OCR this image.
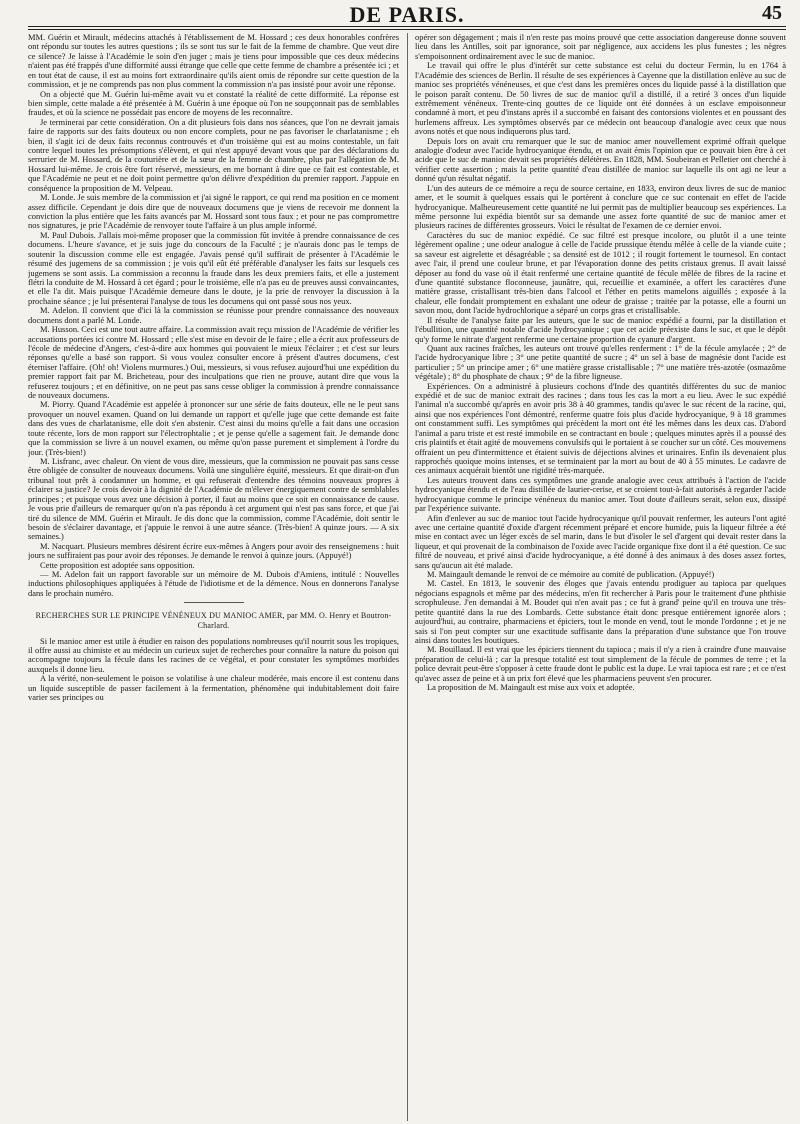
DE PARIS.	45

MM. Guérin et Mirault, médecins attachés à l'établissement de M. Hossard ; ces deux honorables confrères ont répondu sur toutes les autres questions ; ils se sont tus sur le fait de la femme de chambre. Que veut dire ce silence? Je laisse à l'Académie le soin d'en juger ; mais je tiens pour impossible que ces deux médecins n'aient pas été frappés d'une difformité aussi étrange que celle que cette femme de chambre a présentée ici ; et en tout état de cause, il est au moins fort extraordinaire qu'ils aient omis de répondre sur cette question de la commission, et je ne comprends pas non plus comment la commission n'a pas insisté pour avoir une réponse.

On a objecté que M. Guérin lui-même avait vu et constaté la réalité de cette difformité. La réponse est bien simple, cette malade a été présentée à M. Guérin à une époque où l'on ne soupçonnait pas de semblables fraudes, et où la science ne possédait pas encore de moyens de les reconnaître.

Je terminerai par cette considération. On a dit plusieurs fois dans nos séances, que l'on ne devrait jamais faire de rapports sur des faits douteux ou non encore complets, pour ne pas favoriser le charlatanisme ; eh bien, il s'agit ici de deux faits reconnus controuvés et d'un troisième qui est au moins contestable, un fait contre lequel toutes les présomptions s'élèvent, et qui n'est appuyé devant vous que par des déclarations du serrurier de M. Hossard, de la couturière et de la sœur de la femme de chambre, plus par l'allégation de M. Hossard lui-même. Je crois être fort réservé, messieurs, en me bornant à dire que ce fait est contestable, et que l'Académie ne peut et ne doit point permettre qu'on délivre d'expédition du premier rapport. J'appuie en conséquence la proposition de M. Velpeau.

M. Londe. Je suis membre de la commission et j'ai signé le rapport, ce qui rend ma position en ce moment assez difficile. Cependant je dois dire que de nouveaux documens que je viens de recevoir me donnent la conviction la plus entière que les faits avancés par M. Hossard sont tous faux ; et pour ne pas compromettre nos signatures, je prie l'Académie de renvoyer toute l'affaire à un plus ample informé.

M. Paul Dubois. J'allais moi-même proposer que la commission fût invitée à prendre connaissance de ces documens. L'heure s'avance, et je suis juge du concours de la Faculté ; je n'aurais donc pas le temps de soutenir la discussion comme elle est engagée. J'avais pensé qu'il suffirait de présenter à l'Académie le résumé des jugemens de sa commission ; je vois qu'il eût été préférable d'analyser les faits sur lesquels ces jugemens se sont assis. La commission a reconnu la fraude dans les deux premiers faits, et elle a justement flétri la conduite de M. Hossard à cet égard ; pour le troisième, elle n'a pas eu de preuves aussi convaincantes, et elle l'a dit. Mais puisque l'Académie demeure dans le doute, je la prie de renvoyer la discussion à la prochaine séance ; je lui présenterai l'analyse de tous les documens qui ont passé sous nos yeux.

M. Adelon. Il convient que d'ici là la commission se réunisse pour prendre connaissance des nouveaux documens dont a parlé M. Londe.

M. Husson. Ceci est une tout autre affaire. La commission avait reçu mission de l'Académie de vérifier les accusations portées ici contre M. Hossard ; elle s'est mise en devoir de le faire ; elle a écrit aux professeurs de l'école de médecine d'Angers, c'est-à-dire aux hommes qui pouvaient le mieux l'éclairer ; et c'est sur leurs réponses qu'elle a basé son rapport. Si vous voulez consulter encore à présent d'autres documens, c'est éterniser l'affaire. (Oh! oh! Violens murmures.) Oui, messieurs, si vous refusez aujourd'hui une expédition du premier rapport fait par M. Bricheteau, pour des inculpations que rien ne prouve, autant dire que vous la refuserez toujours ; et en définitive, on ne peut pas sans cesse obliger la commission à prendre connaissance de nouveaux documens.

M. Piorry. Quand l'Académie est appelée à prononcer sur une série de faits douteux, elle ne le peut sans provoquer un nouvel examen. Quand on lui demande un rapport et qu'elle juge que cette demande est faite dans des vues de charlatanisme, elle doit s'en abstenir. C'est ainsi du moins qu'elle a fait dans une occasion toute récente, lors de mon rapport sur l'électrophtalie ; et je pense qu'elle a sagement fait. Je demande donc que la commission se livre à un nouvel examen, ou même qu'on passe purement et simplement à l'ordre du jour. (Très-bien!)

M. Lisfranc, avec chaleur. On vient de vous dire, messieurs, que la commission ne pouvait pas sans cesse être obligée de consulter de nouveaux documens. Voilà une singulière équité, messieurs. Et que dirait-on d'un tribunal tout prêt à condamner un homme, et qui refuserait d'entendre des témoins nouveaux propres à éclairer sa justice? Je crois devoir à la dignité de l'Académie de m'élever énergiquement contre de semblables principes ; et puisque vous avez une décision à porter, il faut au moins que ce soit en connaissance de cause. Je vous prie d'ailleurs de remarquer qu'on n'a pas répondu à cet argument qui n'est pas sans force, et que j'ai tiré du silence de MM. Guérin et Mirault. Je dis donc que la commission, comme l'Académie, doit sentir le besoin de s'éclairer davantage, et j'appuie le renvoi à une autre séance. (Très-bien! A quinze jours. — A six semaines.)

M. Nacquart. Plusieurs membres désirent écrire eux-mêmes à Angers pour avoir des renseignemens : huit jours ne suffiraient pas pour avoir des réponses. Je demande le renvoi à quinze jours. (Appuyé!)

Cette proposition est adoptée sans opposition.

— M. Adelon fait un rapport favorable sur un mémoire de M. Dubois d'Amiens, intitulé : Nouvelles inductions philosophiques appliquées à l'étude de l'idiotisme et de la démence. Nous en donnerons l'analyse dans le prochain numéro.

RECHERCHES SUR LE PRINCIPE VÉNÉNEUX DU MANIOC AMER, par MM. O. Henry et Boutron-Charlard.

Si le manioc amer est utile à étudier en raison des populations nombreuses qu'il nourrit sous les tropiques, il offre aussi au chimiste et au médecin un curieux sujet de recherches pour connaître la nature du poison qui accompagne toujours la fécule dans les racines de ce végétal, et pour constater les symptômes morbides auxquels il donne lieu.

A la vérité, non-seulement le poison se volatilise à une chaleur modérée, mais encore il est contenu dans un liquide susceptible de passer facilement à la fermentation, phénomène qui indubitablement doit faire varier ses principes ou

opérer son dégagement ; mais il n'en reste pas moins prouvé que cette association dangereuse donne souvent lieu dans les Antilles, soit par ignorance, soit par négligence, aux accidens les plus funestes ; les nègres s'empoisonnent ordinairement avec le suc de manioc.

Le travail qui offre le plus d'intérêt sur cette substance est celui du docteur Fermin, lu en 1764 à l'Académie des sciences de Berlin. Il résulte de ses expériences à Cayenne que la distillation enlève au suc de manioc ses propriétés vénéneuses, et que c'est dans les premières onces du liquide passé à la distillation que le poison paraît contenu. De 50 livres de suc de manioc qu'il a distillé, il a retiré 3 onces d'un liquide extrêmement vénéneux. Trente-cinq gouttes de ce liquide ont été données à un esclave empoisonneur condamné à mort, et peu d'instans après il a succombé en faisant des contorsions violentes et en poussant des hurlemens affreux. Les symptômes observés par ce médecin ont beaucoup d'analogie avec ceux que nous avons notés et que nous indiquerons plus tard.

Depuis lors on avait cru remarquer que le suc de manioc amer nouvellement exprimé offrait quelque analogie d'odeur avec l'acide hydrocyanique étendu, et on avait émis l'opinion que ce pouvait bien être à cet acide que le suc de manioc devait ses propriétés délétères. En 1828, MM. Soubeiran et Pelletier ont cherché à vérifier cette assertion ; mais la petite quantité d'eau distillée de manioc sur laquelle ils ont agi ne leur a donné qu'un résultat négatif.

L'un des auteurs de ce mémoire a reçu de source certaine, en 1833, environ deux livres de suc de manioc amer, et le soumit à quelques essais qui le portèrent à conclure que ce suc contenait en effet de l'acide hydrocyanique. Malheureusement cette quantité ne lui permit pas de multiplier beaucoup ses expériences. La même personne lui expédia bientôt sur sa demande une assez forte quantité de suc de manioc amer et plusieurs racines de différentes grosseurs. Voici le résultat de l'examen de ce dernier envoi.

Caractères du suc de manioc expédié. Ce suc filtré est presque incolore, ou plutôt il a une teinte légèrement opaline ; une odeur analogue à celle de l'acide prussique étendu mêlée à celle de la viande cuite ; sa saveur est aigrelette et désagréable ; sa densité est de 1012 ; il rougit fortement le tournesol. En contact avec l'air, il prend une couleur brune, et par l'évaporation donne des petits cristaux grenus. Il avait laissé déposer au fond du vase où il était renfermé une certaine quantité de fécule mêlée de fibres de la racine et d'une quantité substance floconneuse, jaunâtre, qui, recueillie et examinée, a offert les caractères d'une matière grasse, cristallisant très-bien dans l'alcool et l'éther en petits mamelons aiguillés ; exposée à la chaleur, elle fondait promptement en exhalant une odeur de graisse ; traitée par la potasse, elle a fourni un savon mou, dont l'acide hydrochlorique a séparé un corps gras et cristallisable.

Il résulte de l'analyse faite par les auteurs, que le suc de manioc expédié a fourni, par la distillation et l'ébullition, une quantité notable d'acide hydrocyanique ; que cet acide préexiste dans le suc, et que le dépôt qu'y forme le nitrate d'argent renferme une certaine proportion de cyanure d'argent.

Quant aux racines fraîches, les auteurs ont trouvé qu'elles renferment : 1° de la fécule amylacée ; 2° de l'acide hydrocyanique libre ; 3° une petite quantité de sucre ; 4° un sel à base de magnésie dont l'acide est particulier ; 5° un principe amer ; 6° une matière grasse cristallisable ; 7° une matière très-azotée (osmazôme végétale) ; 8° du phosphate de chaux ; 9° de la fibre ligneuse.

Expériences. On a administré à plusieurs cochons d'Inde des quantités différentes du suc de manioc expédié et de suc de manioc extrait des racines ; dans tous les cas la mort a eu lieu. Avec le suc expédié l'animal n'a succombé qu'après en avoir pris 38 à 40 grammes, tandis qu'avec le suc récent de la racine, qui, ainsi que nos expériences l'ont démontré, renferme quatre fois plus d'acide hydrocyanique, 9 à 18 grammes ont constamment suffi. Les symptômes qui précèdent la mort ont été les mêmes dans les deux cas. D'abord l'animal a paru triste et est resté immobile en se contractant en boule ; quelques minutes après il a poussé des cris plaintifs et était agité de mouvemens convulsifs qui le portaient à se coucher sur un côté. Ces mouvemens offraient un peu d'intermittence et étaient suivis de déjections alvines et urinaires. Enfin ils devenaient plus rapprochés quoique moins intenses, et se terminaient par la mort au bout de 40 à 55 minutes. Le cadavre de ces animaux acquérait bientôt une rigidité très-marquée.

Les auteurs trouvent dans ces symptômes une grande analogie avec ceux attribués à l'action de l'acide hydrocyanique étendu et de l'eau distillée de laurier-cerise, et se croient tout-à-fait autorisés à regarder l'acide hydrocyanique comme le principe vénéneux du manioc amer. Tout doute d'ailleurs serait, selon eux, dissipé par l'expérience suivante.

Afin d'enlever au suc de manioc tout l'acide hydrocyanique qu'il pouvait renfermer, les auteurs l'ont agité avec une certaine quantité d'oxide d'argent récemment préparé et encore humide, puis la liqueur filtrée a été mise en contact avec un léger excès de sel marin, dans le but d'isoler le sel d'argent qui devait rester dans la liqueur, et qui provenait de la combinaison de l'oxide avec l'acide organique fixe dont il a été question. Ce suc filtré de nouveau, et privé ainsi d'acide hydrocyanique, a été donné à des animaux à des doses assez fortes, sans qu'aucun ait été malade.

M. Maingault demande le renvoi de ce mémoire au comité de publication. (Appuyé!)

M. Castel. En 1813, le souvenir des éloges que j'avais entendu prodiguer au tapioca par quelques négocians espagnols et même par des médecins, m'en fit rechercher à Paris pour le traitement d'une phthisie scrophuleuse. J'en demandai à M. Boudet qui n'en avait pas ; ce fut à grand' peine qu'il en trouva une très-petite quantité dans la rue des Lombards. Cette substance était donc presque entièrement ignorée alors ; aujourd'hui, au contraire, pharmaciens et épiciers, tout le monde en vend, tout le monde l'ordonne ; et je ne sais si l'on peut compter sur une exactitude suffisante dans la préparation d'une substance que l'on trouve ainsi dans toutes les boutiques.

M. Bouillaud. Il est vrai que les épiciers tiennent du tapioca ; mais il n'y a rien à craindre d'une mauvaise préparation de celui-là ; car la presque totalité est tout simplement de la fécule de pommes de terre ; et la police devrait peut-être s'opposer à cette fraude dont le public est la dupe. Le vrai tapioca est rare ; et ce n'est qu'avec assez de peine et à un prix fort élevé que les pharmaciens peuvent s'en procurer.

La proposition de M. Maingault est mise aux voix et adoptée.
